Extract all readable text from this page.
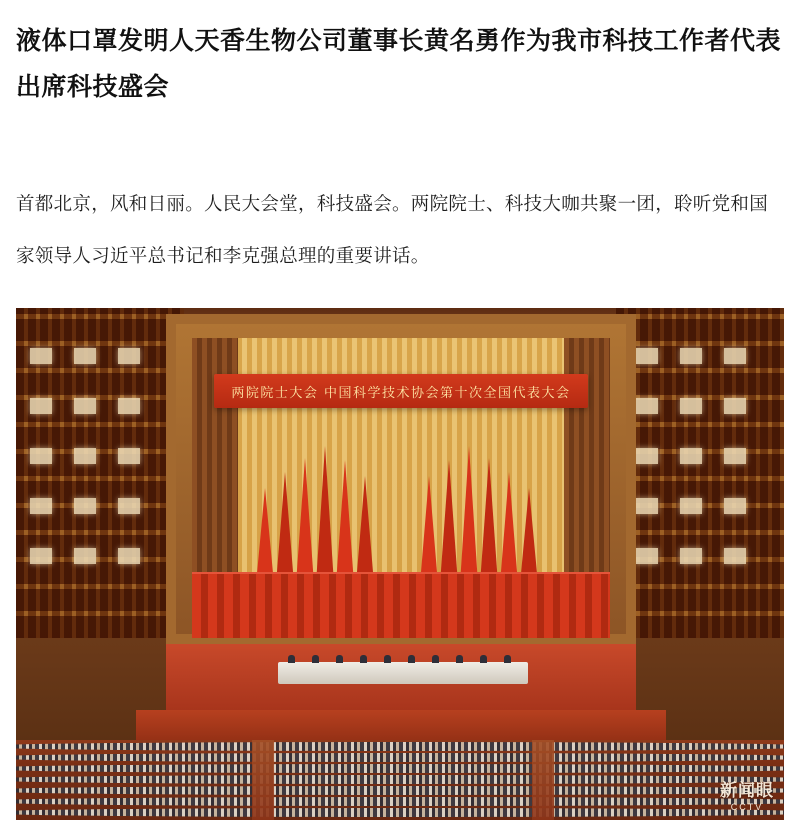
液体口罩发明人天香生物公司董事长黄名勇作为我市科技工作者代表出席科技盛会

首都北京，风和日丽。人民大会堂，科技盛会。两院院士、科技大咖共聚一团，聆听党和国家领导人习近平总书记和李克强总理的重要讲话。

两院院士大会 中国科学技术协会第十次全国代表大会
新闻眼
CCTV
